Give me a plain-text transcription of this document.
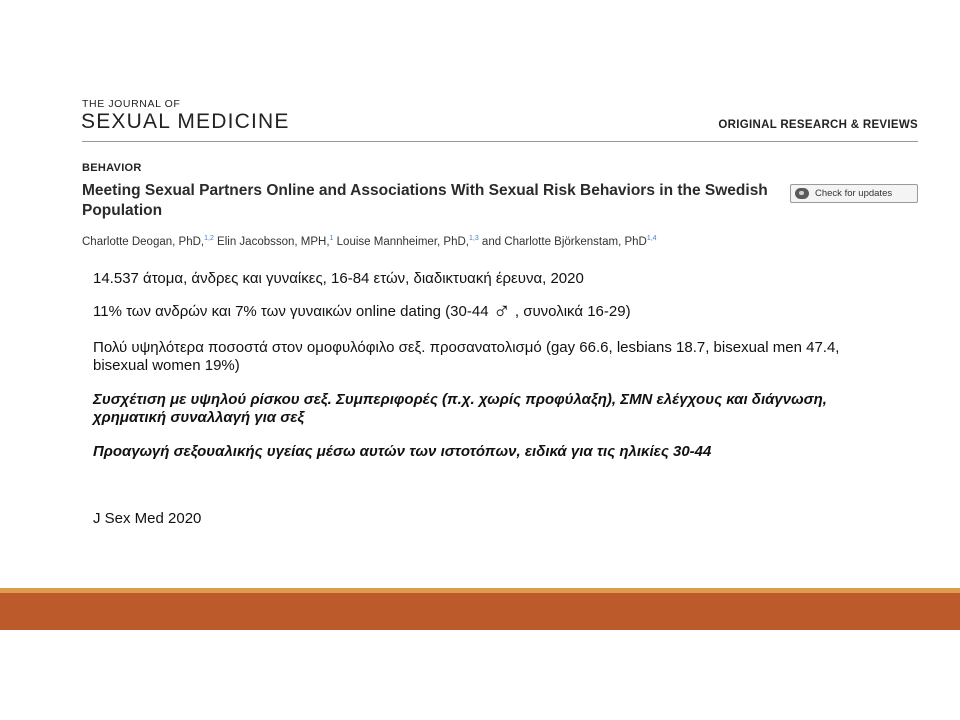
THE JOURNAL OF
SEXUAL MEDICINE	ORIGINAL RESEARCH & REVIEWS
BEHAVIOR
Meeting Sexual Partners Online and Associations With Sexual Risk Behaviors in the Swedish Population
Check for updates
Charlotte Deogan, PhD,$^{1,2}$ Elin Jacobsson, MPH,$^1$ Louise Mannheimer, PhD,$^{1,3}$ and Charlotte Björkenstam, PhD$^{1,4}$
14.537 άτομα, άνδρες και γυναίκες, 16-84 ετών, διαδικτυακή έρευνα, 2020
11% των ανδρών και 7% των γυναικών online dating (30-44 ♂ , συνολικά 16-29)
Πολύ υψηλότερα ποσοστά στον ομοφυλόφιλο σεξ. προσανατολισμό (gay 66.6, lesbians 18.7, bisexual men 47.4, bisexual women 19%)
Συσχέτιση με υψηλού ρίσκου σεξ. Συμπεριφορές (π.χ. χωρίς προφύλαξη), ΣΜΝ ελέγχους και διάγνωση, χρηματική συναλλαγή για σεξ
Προαγωγή σεξουαλικής υγείας μέσω αυτών των ιστοτόπων, ειδικά για τις ηλικίες 30-44
J Sex Med 2020
